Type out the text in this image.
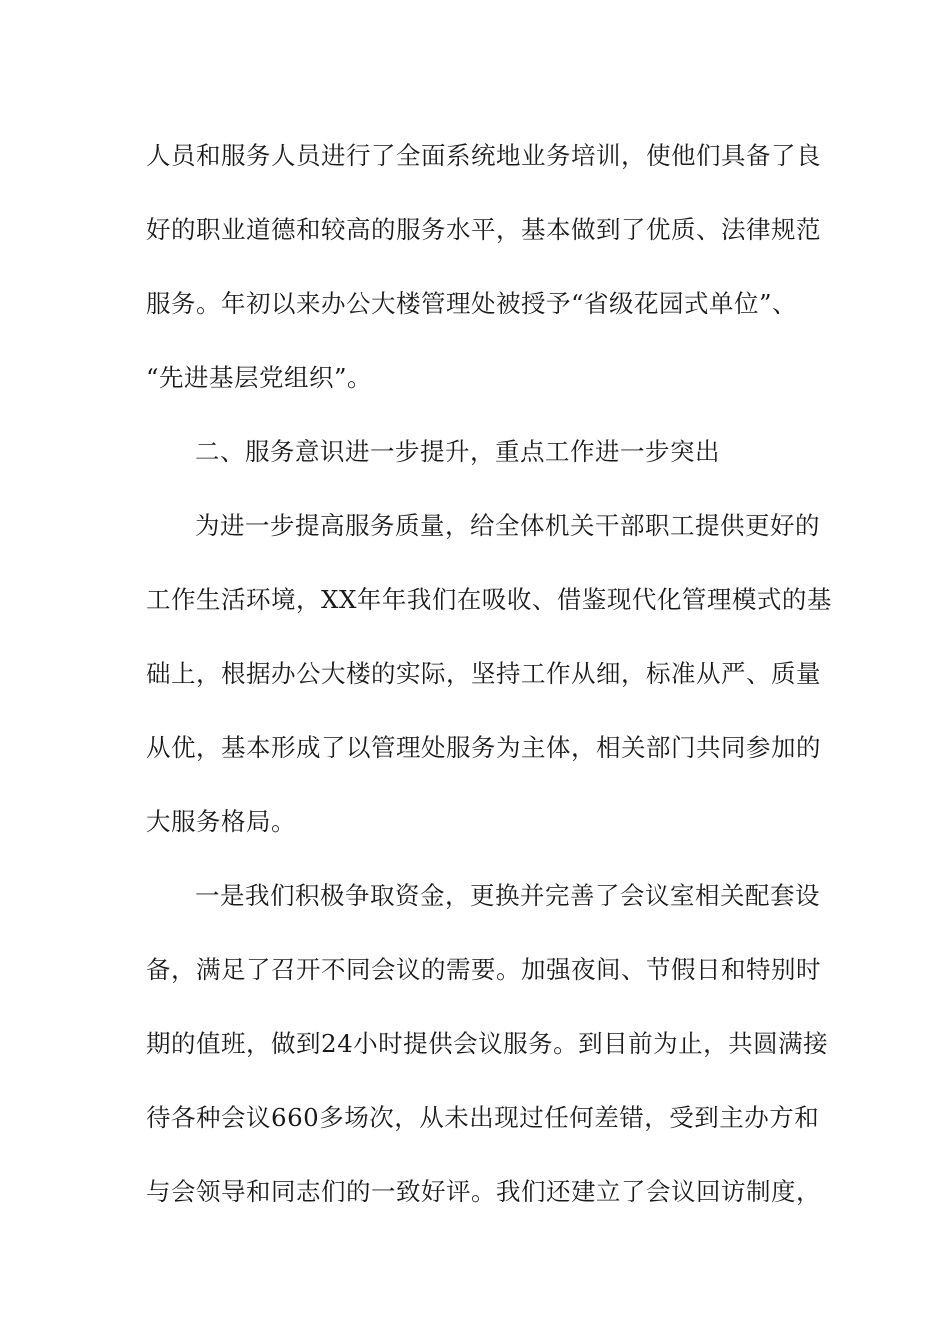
人员和服务人员进行了全面系统地业务培训，使他们具备了良
好的职业道德和较高的服务水平，基本做到了优质、法律规范
服务。年初以来办公大楼管理处被授予“省级花园式单位”、
“先进基层党组织”。
二、服务意识进一步提升，重点工作进一步突出
为进一步提高服务质量，给全体机关干部职工提供更好的
工作生活环境，XX年年我们在吸收、借鉴现代化管理模式的基
础上，根据办公大楼的实际，坚持工作从细，标准从严、质量
从优，基本形成了以管理处服务为主体，相关部门共同参加的
大服务格局。
一是我们积极争取资金，更换并完善了会议室相关配套设
备，满足了召开不同会议的需要。加强夜间、节假日和特别时
期的值班，做到24小时提供会议服务。到目前为止，共圆满接
待各种会议660多场次，从未出现过任何差错，受到主办方和
与会领导和同志们的一致好评。我们还建立了会议回访制度，
